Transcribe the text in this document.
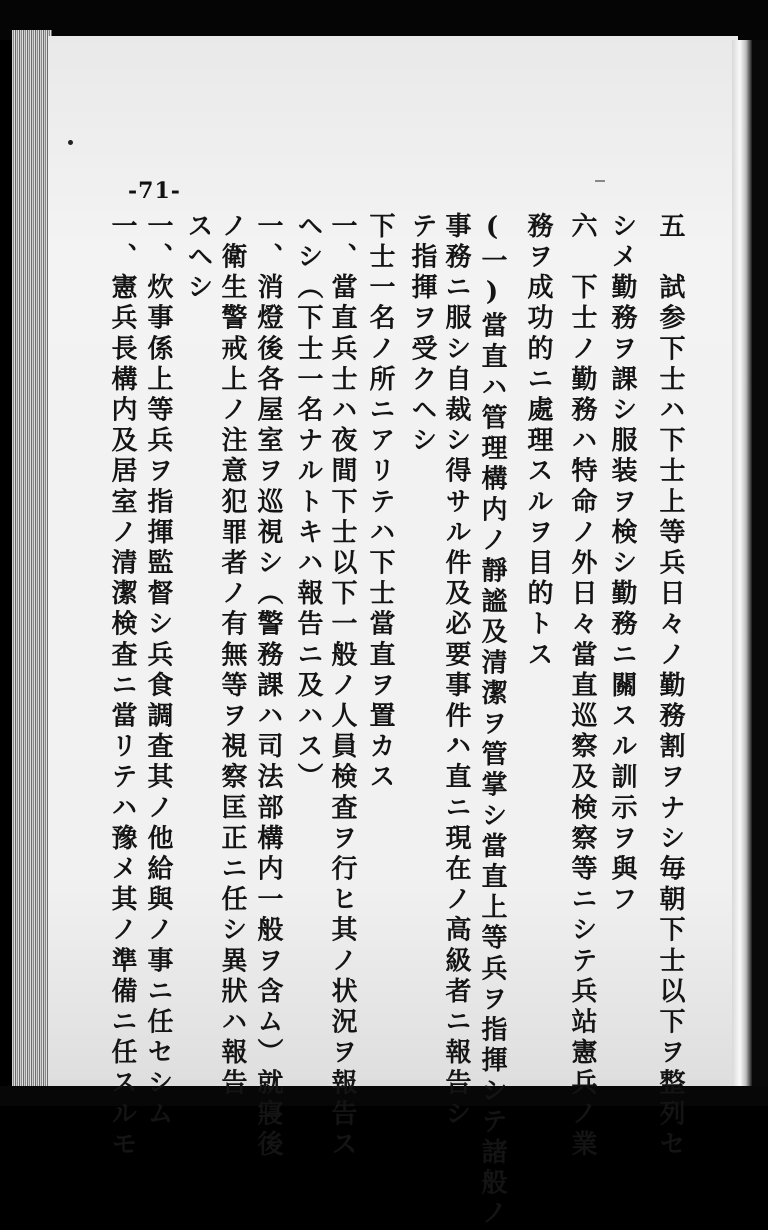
-71-
五　試参下士ハ下士上等兵日々ノ勤務割ヲナシ毎朝下士以下ヲ整列セ
シメ勤務ヲ課シ服装ヲ検シ勤務ニ關スル訓示ヲ與フ
六　下士ノ勤務ハ特命ノ外日々當直巡察及検察等ニシテ兵站憲兵ノ業
務ヲ成功的ニ處理スルヲ目的トス
(一)當直ハ管理構内ノ靜謐及清潔ヲ管掌シ當直上等兵ヲ指揮シテ諸般ノ
事務ニ服シ自裁シ得サル件及必要事件ハ直ニ現在ノ高級者ニ報告シ
テ指揮ヲ受クヘシ
下士一名ノ所ニアリテハ下士當直ヲ置カス
一、當直兵士ハ夜間下士以下一般ノ人員検査ヲ行ヒ其ノ状況ヲ報告ス
ヘシ（下士一名ナルトキハ報告ニ及ハス）
一、消燈後各屋室ヲ巡視シ（警務課ハ司法部構内一般ヲ含ム）就寢後
ノ衛生警戒上ノ注意犯罪者ノ有無等ヲ視察匡正ニ任シ異狀ハ報告
スヘシ
一、炊事係上等兵ヲ指揮監督シ兵食調査其ノ他給與ノ事ニ任セシム
一、憲兵長構内及居室ノ清潔検査ニ當リテハ豫メ其ノ準備ニ任スルモ
